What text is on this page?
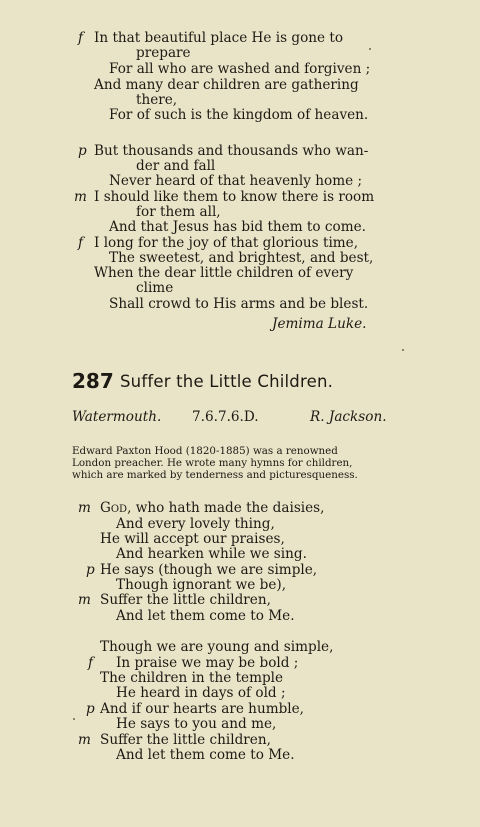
f In that beautiful place He is gone to
prepare
For all who are washed and forgiven ;
And many dear children are gathering
there,
For of such is the kingdom of heaven.
p But thousands and thousands who wan-
der and fall
Never heard of that heavenly home ;
m I should like them to know there is room
for them all,
And that Jesus has bid them to come.
f I long for the joy of that glorious time,
The sweetest, and brightest, and best,
When the dear little children of every
clime
Shall crowd to His arms and be blest.
Jemima Luke.
287 Suffer the Little Children.
Watermouth. 7.6.7.6.D.	R. Jackson.
Edward Paxton Hood (1820-1885) was a renowned
London preacher. He wrote many hymns for children,
which are marked by tenderness and picturesqueness.
m God, who hath made the daisies,
And every lovely thing,
He will accept our praises,
And hearken while we sing.
p He says (though we are simple,
Though ignorant we be),
m Suffer the little children,
And let them come to Me.
Though we are young and simple,
f In praise we may be bold ;
The children in the temple
He heard in days of old ;
p And if our hearts are humble,
He says to you and me,
m Suffer the little children,
And let them come to Me.
